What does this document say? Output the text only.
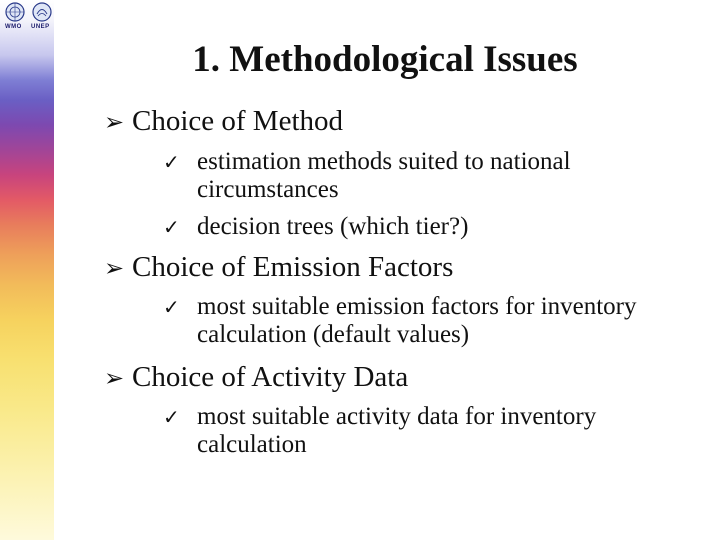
WMO UNEP
1. Methodological Issues
➢ Choice of Method
✓ estimation methods suited to national circumstances
✓ decision trees (which tier?)
➢ Choice of Emission Factors
✓ most suitable emission factors for inventory calculation (default values)
➢ Choice of Activity Data
✓ most suitable activity data for inventory calculation
